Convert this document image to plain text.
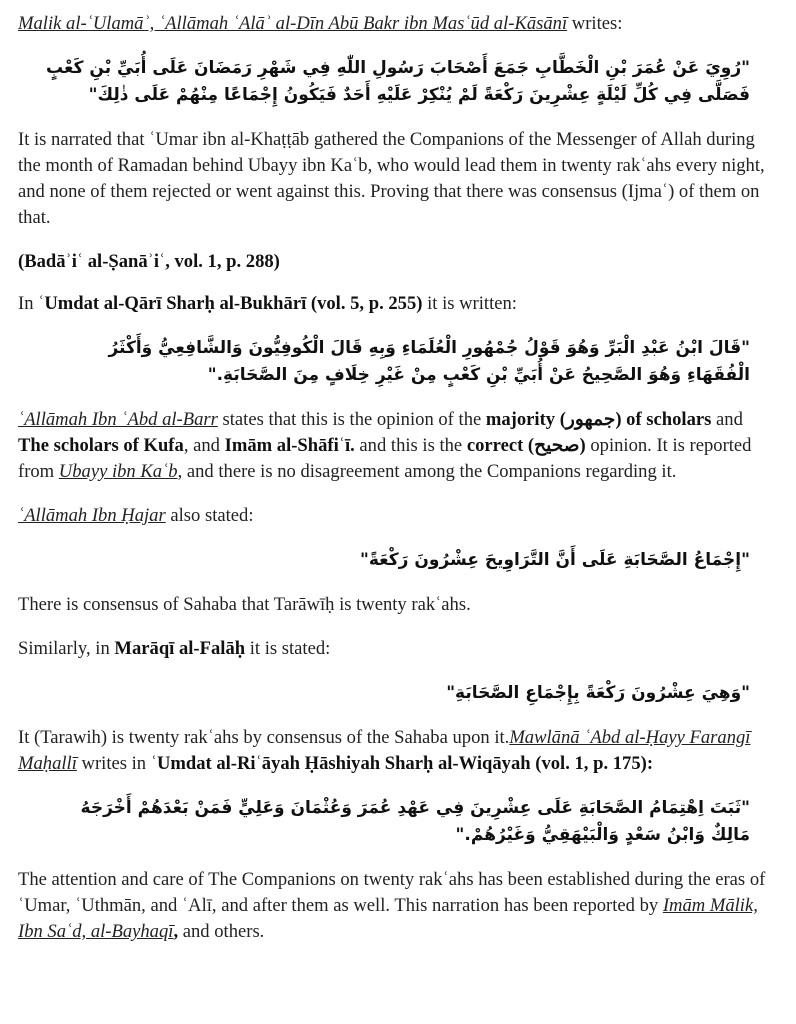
Malik al-ʿUlamāʾ, ʿAllāmah ʿAlāʾ al-Dīn Abū Bakr ibn Masʿūd al-Kāsānī writes:

"رُوِيَ عَنْ عُمَرَ بْنِ الْخَطَّابِ جَمَعَ أَصْحَابَ رَسُولِ اللّٰهِ فِي شَهْرِ رَمَضَانَ عَلَى أُبَيِّ بْنِ كَعْبٍ فَصَلَّى فِي كُلِّ لَيْلَةٍ عِشْرِينَ رَكْعَةً لَمْ يُنْكِرْ عَلَيْهِ أَحَدٌ فَيَكُونُ إِجْمَاعًا مِنْهُمْ عَلَى ذٰلِكَ"

It is narrated that ʿUmar ibn al-Khaṭṭāb gathered the Companions of the Messenger of Allah during the month of Ramadan behind Ubayy ibn Kaʿb, who would lead them in twenty rakʿahs every night, and none of them rejected or went against this. Proving that there was consensus (Ijmaʿ) of them on that.

(Badāʾiʿ al-Ṣanāʾiʿ, vol. 1, p. 288)

In ʿUmdat al-Qārī Sharḥ al-Bukhārī (vol. 5, p. 255) it is written:

"قَالَ ابْنُ عَبْدِ الْبَرِّ وَهُوَ قَوْلُ جُمْهُورِ الْعُلَمَاءِ وَبِهِ قَالَ الْكُوفِيُّونَ وَالشَّافِعِيُّ وَأَكْثَرُ الْفُقَهَاءِ وَهُوَ الصَّحِيحُ عَنْ أُبَيِّ بْنِ كَعْبٍ مِنْ غَيْرِ خِلَافٍ مِنَ الصَّحَابَةِ."

ʿAllāmah Ibn ʿAbd al-Barr states that this is the opinion of the majority (جمهور) of scholars and The scholars of Kufa, and Imām al-Shāfiʿī. and this is the correct (صحيح) opinion. It is reported from Ubayy ibn Kaʿb, and there is no disagreement among the Companions regarding it.

ʿAllāmah Ibn Ḥajar also stated:

"إِجْمَاعُ الصَّحَابَةِ عَلَى أَنَّ التَّرَاوِيحَ عِشْرُونَ رَكْعَةً"

There is consensus of Sahaba that Tarāwīḥ is twenty rakʿahs.

Similarly, in Marāqī al-Falāḥ it is stated:

"وَهِيَ عِشْرُونَ رَكْعَةً بِإِجْمَاعِ الصَّحَابَةِ"

It (Tarawih) is twenty rakʿahs by consensus of the Sahaba upon it.Mawlānā ʿAbd al-Ḥayy Farangī Maḥallī writes in ʿUmdat al-Riʿāyah Ḥāshiyah Sharḥ al-Wiqāyah (vol. 1, p. 175):

"ثَبَتَ اِهْتِمَامُ الصَّحَابَةِ عَلَى عِشْرِينَ فِي عَهْدِ عُمَرَ وَعُثْمَانَ وَعَلِيٍّ فَمَنْ بَعْدَهُمْ أَخْرَجَهُ مَالِكٌ وَابْنُ سَعْدٍ وَالْبَيْهَقِيُّ وَغَيْرُهُمْ."

The attention and care of The Companions on twenty rakʿahs has been established during the eras of ʿUmar, ʿUthmān, and ʿAlī, and after them as well. This narration has been reported by Imām Mālik, Ibn Saʿd, al-Bayhaqī, and others.
